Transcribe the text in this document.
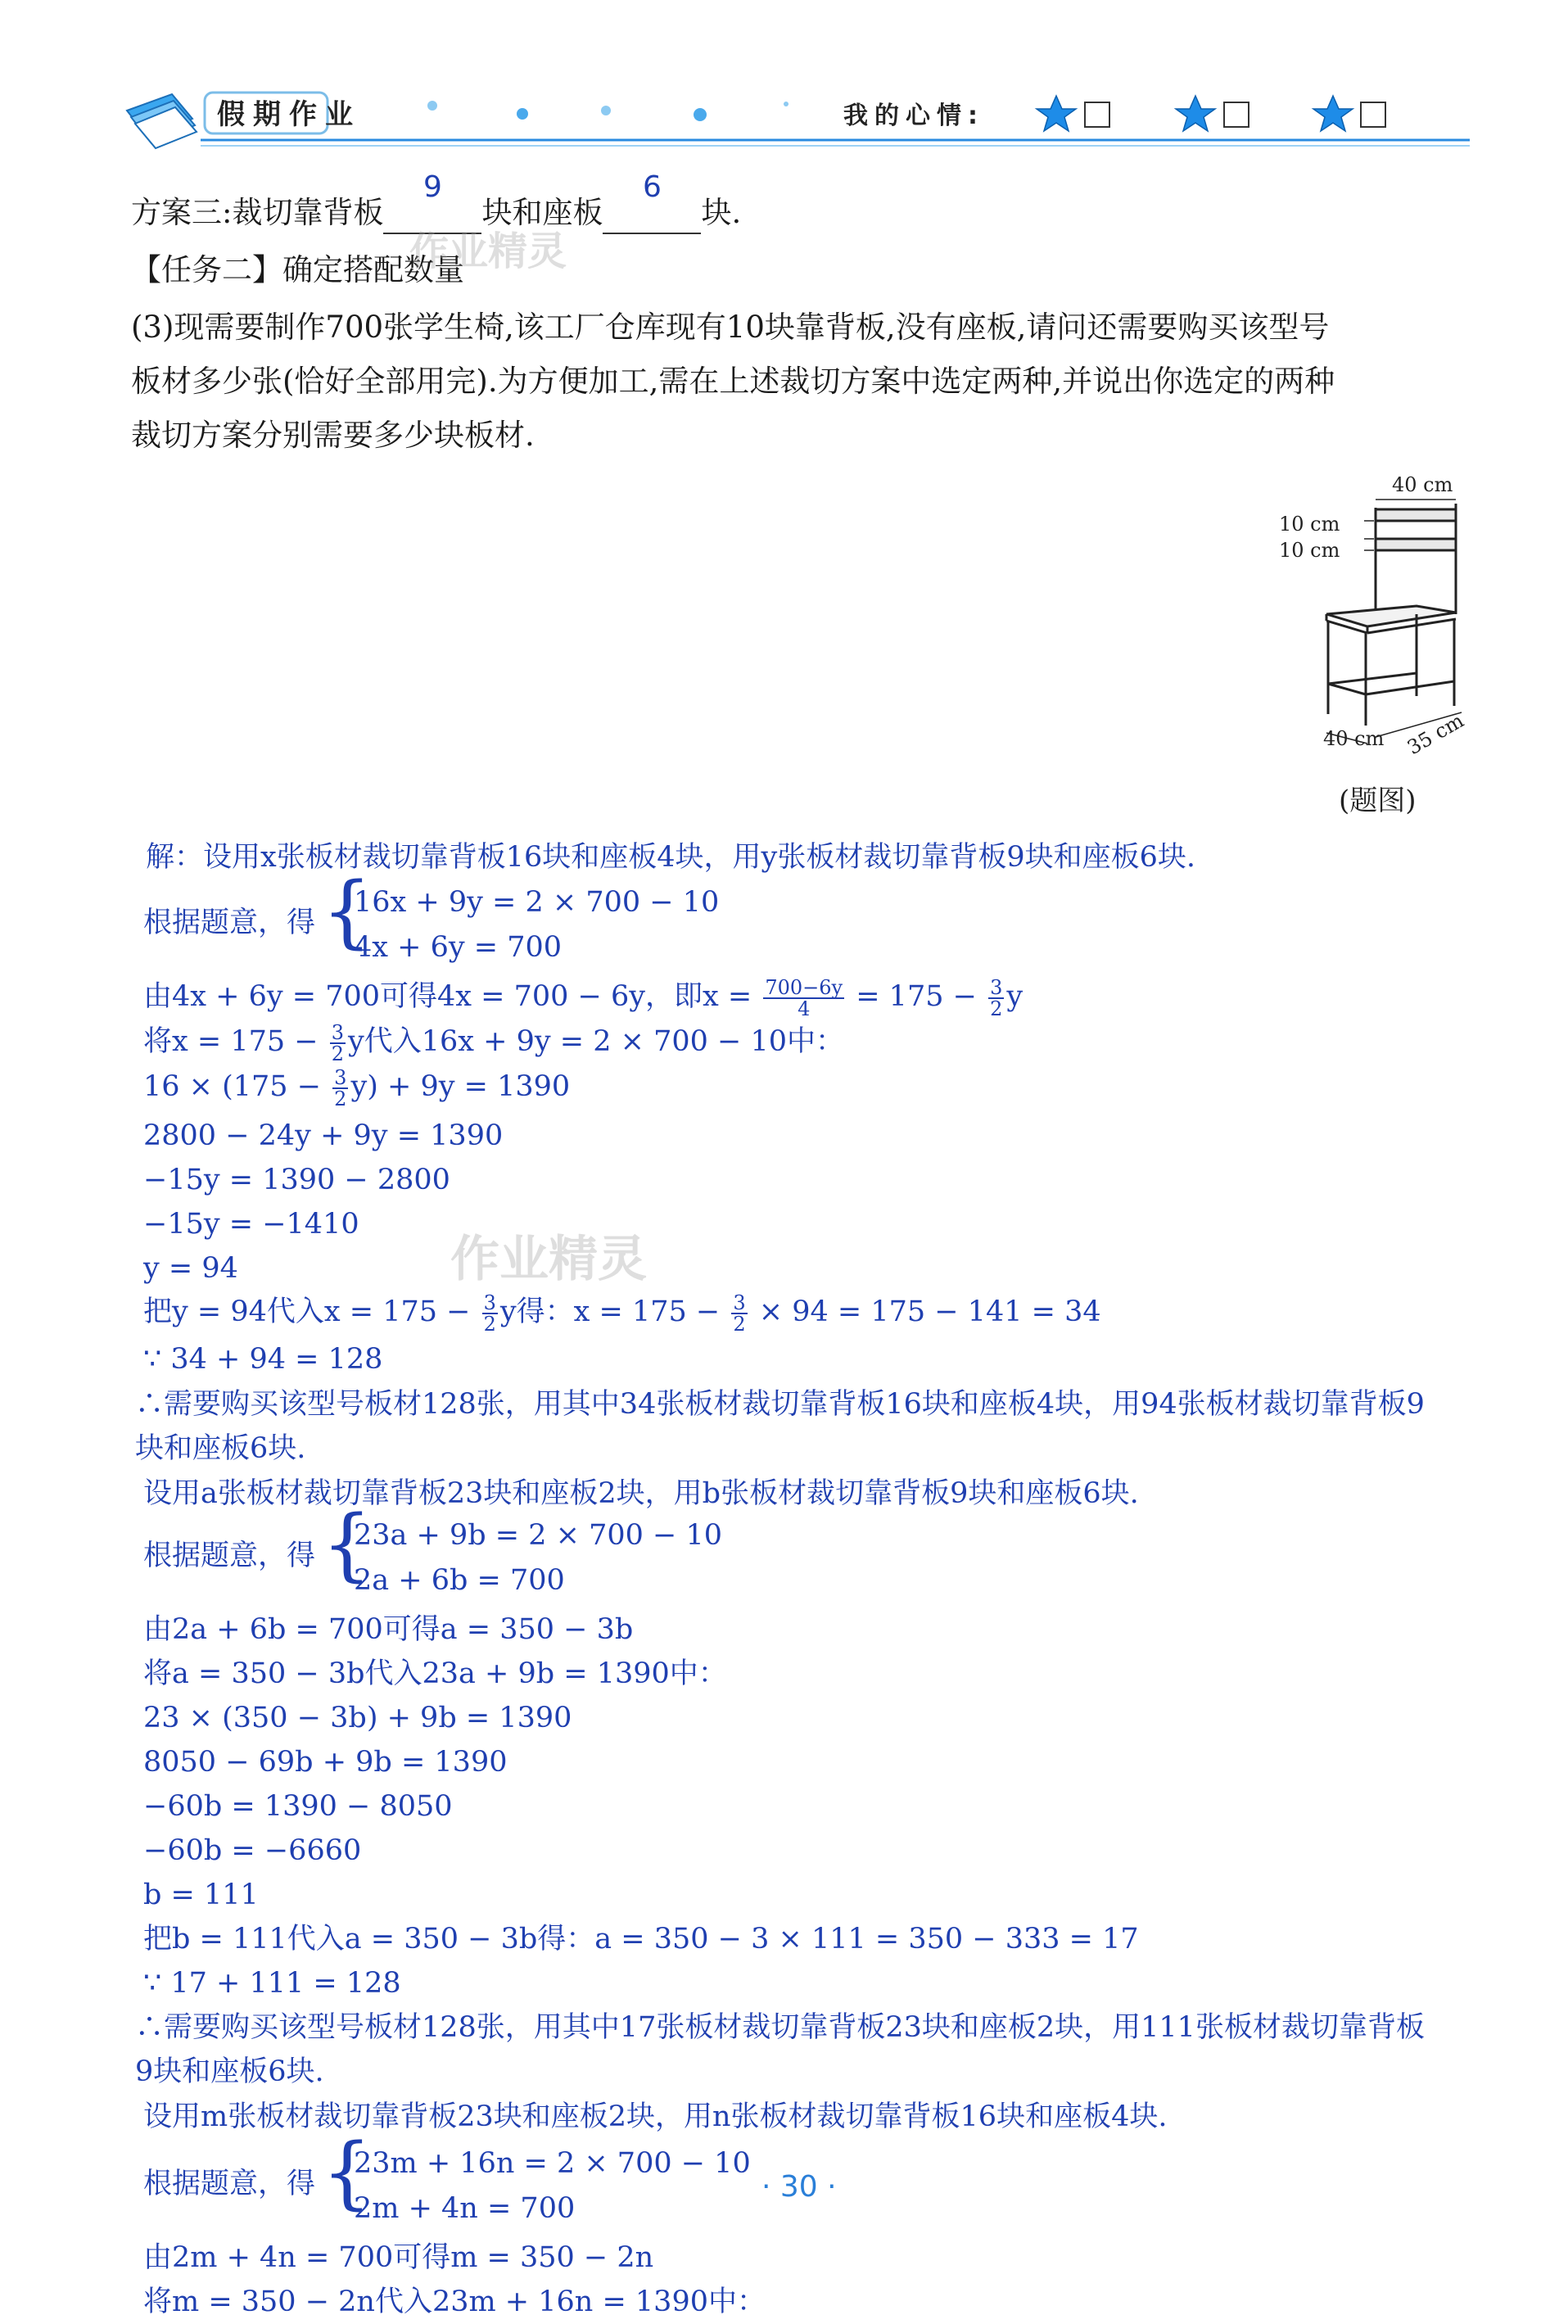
假期作业	我的心情:
方案三:裁切靠背板
9
块和座板
6
块.
【任务二】确定搭配数量
(3)现需要制作700张学生椅,该工厂仓库现有10块靠背板,没有座板,请问还需要购买该型号
板材多少张(恰好全部用完).为方便加工,需在上述裁切方案中选定两种,并说出你选定的两种
裁切方案分别需要多少块板材.
作业精灵
作业精灵
40 cm
10 cm
10 cm
40 cm 35 cm
(题图)
解：设用x张板材裁切靠背板16块和座板4块，用y张板材裁切靠背板9块和座板6块.
根据题意，得 {
16x + 9y = 2 × 700 − 10
4x + 6y = 700
由4x + 6y = 700可得4x = 700 − 6y，即$x = \frac{700-6y}{4} = 175 - \frac{3}{2}$ y
将$x = 175 - \frac{3}{2}$ y代入16x + 9y = 2 × 700 − 10中：
$16 \times (175 - \frac{3}{2} y) + 9y = 1390$
2800 − 24y + 9y = 1390
−15y = 1390 − 2800
−15y = −1410
y = 94
把y = 94代入$x = 175 - \frac{3}{2}$ y得：$x = 175 - \frac{3}{2} \times 94 = 175 - 141 = 34$
∵ 34 + 94 = 128
∴需要购买该型号板材128张，用其中34张板材裁切靠背板16块和座板4块，用94张板材裁切靠背板9
块和座板6块.
设用a张板材裁切靠背板23块和座板2块，用b张板材裁切靠背板9块和座板6块.
根据题意，得 {
23a + 9b = 2 × 700 − 10
2a + 6b = 700
由2a + 6b = 700可得a = 350 − 3b
将a = 350 − 3b代入23a + 9b = 1390中：
23 × (350 − 3b) + 9b = 1390
8050 − 69b + 9b = 1390
−60b = 1390 − 8050
−60b = −6660
b = 111
把b = 111代入a = 350 − 3b得：a = 350 − 3 × 111 = 350 − 333 = 17
∵ 17 + 111 = 128
∴需要购买该型号板材128张，用其中17张板材裁切靠背板23块和座板2块，用111张板材裁切靠背板
9块和座板6块.
设用m张板材裁切靠背板23块和座板2块，用n张板材裁切靠背板16块和座板4块.
根据题意，得 {
23m + 16n = 2 × 700 − 10
2m + 4n = 700
由2m + 4n = 700可得m = 350 − 2n
将m = 350 − 2n代入23m + 16n = 1390中：
· 30 ·
